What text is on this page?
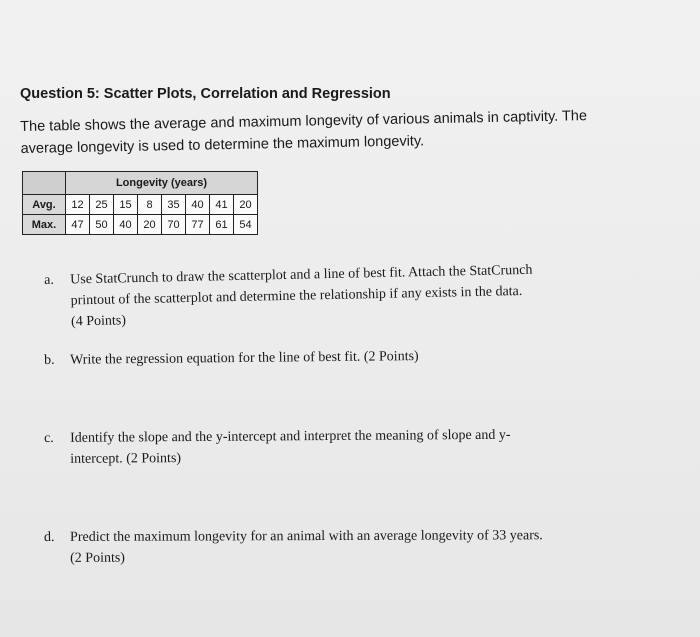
Question 5: Scatter Plots, Correlation and Regression

The table shows the average and maximum longevity of various animals in captivity. The
average longevity is used to determine the maximum longevity.

	Longevity (years)							
Avg.	12	25	15	8	35	40	41	20
Max.	47	50	40	20	70	77	61	54
a. Use StatCrunch to draw the scatterplot and a line of best fit. Attach the StatCrunch
printout of the scatterplot and determine the relationship if any exists in the data.
(4 Points)
b. Write the regression equation for the line of best fit. (2 Points)
c. Identify the slope and the y-intercept and interpret the meaning of slope and y-
intercept. (2 Points)
d. Predict the maximum longevity for an animal with an average longevity of 33 years.
(2 Points)
